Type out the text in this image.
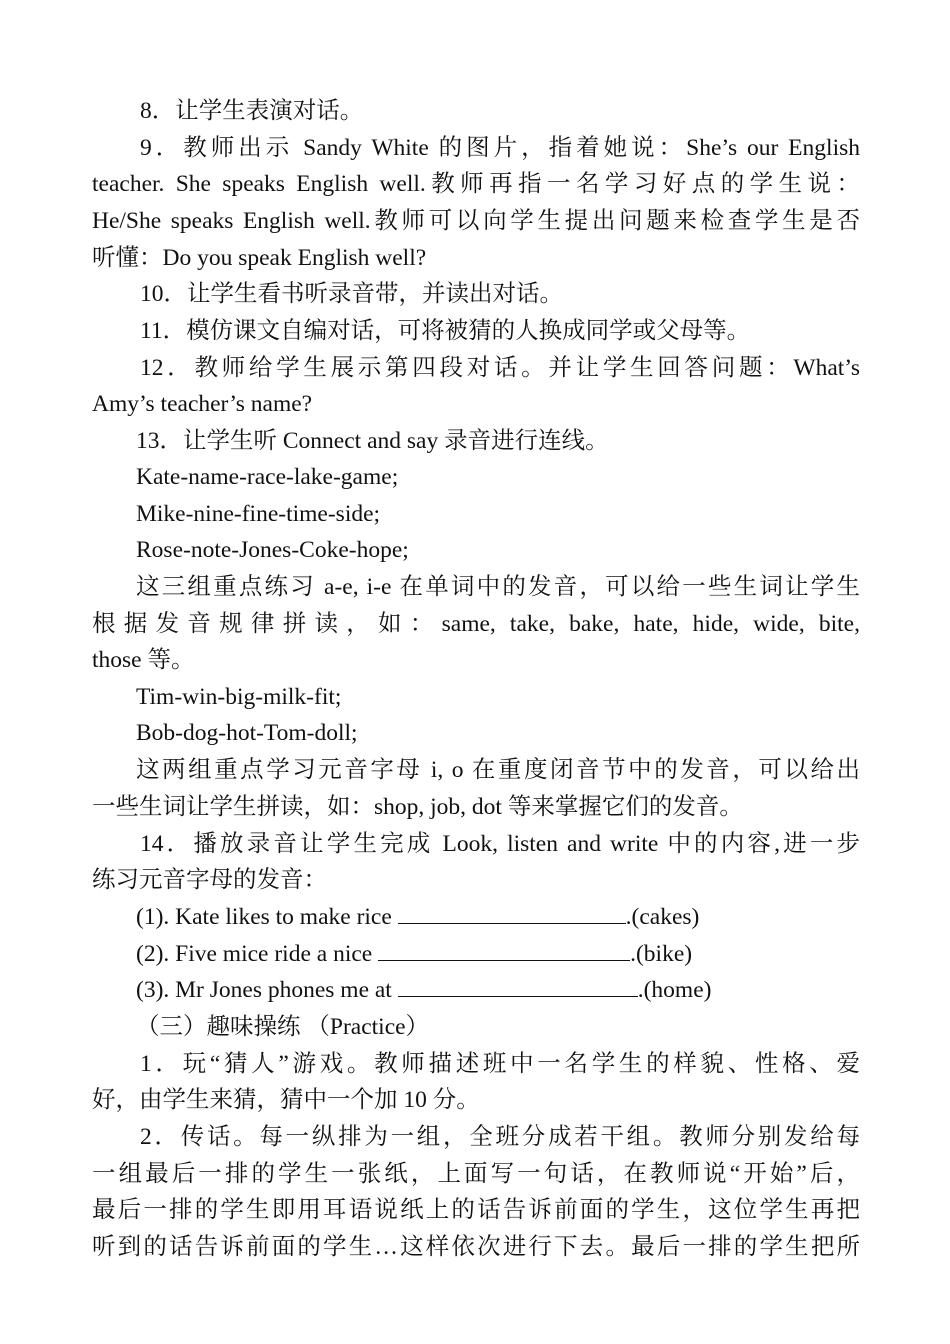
8．让学生表演对话。
9．教师出示 Sandy White 的图片，指着她说：She’s our English
teacher. She speaks English well.教师再指一名学习好点的学生说：
He/She speaks English well.教师可以向学生提出问题来检查学生是否
听懂：Do you speak English well?
10．让学生看书听录音带，并读出对话。
11．模仿课文自编对话，可将被猜的人换成同学或父母等。
12．教师给学生展示第四段对话。并让学生回答问题：What’s
Amy’s teacher’s name?
13．让学生听 Connect and say 录音进行连线。
Kate-name-race-lake-game;
Mike-nine-fine-time-side;
Rose-note-Jones-Coke-hope;
这三组重点练习 a-e, i-e 在单词中的发音，可以给一些生词让学生
根据发音规律拼读，如：same, take, bake, hate, hide, wide, bite,
those 等。
Tim-win-big-milk-fit;
Bob-dog-hot-Tom-doll;
这两组重点学习元音字母 i, o 在重度闭音节中的发音，可以给出
一些生词让学生拼读，如：shop, job, dot 等来掌握它们的发音。
14．播放录音让学生完成 Look, listen and write 中的内容,进一步
练习元音字母的发音：
(1). Kate likes to make rice	.(cakes)
(2). Five mice ride a nice	.(bike)
(3). Mr Jones phones me at	.(home)
（三）趣味操练 （Practice）
1．玩“猜人”游戏。教师描述班中一名学生的样貌、性格、爱
好，由学生来猜，猜中一个加 10 分。
2．传话。每一纵排为一组，全班分成若干组。教师分别发给每
一组最后一排的学生一张纸，上面写一句话，在教师说“开始”后，
最后一排的学生即用耳语说纸上的话告诉前面的学生，这位学生再把
听到的话告诉前面的学生…这样依次进行下去。最后一排的学生把所
